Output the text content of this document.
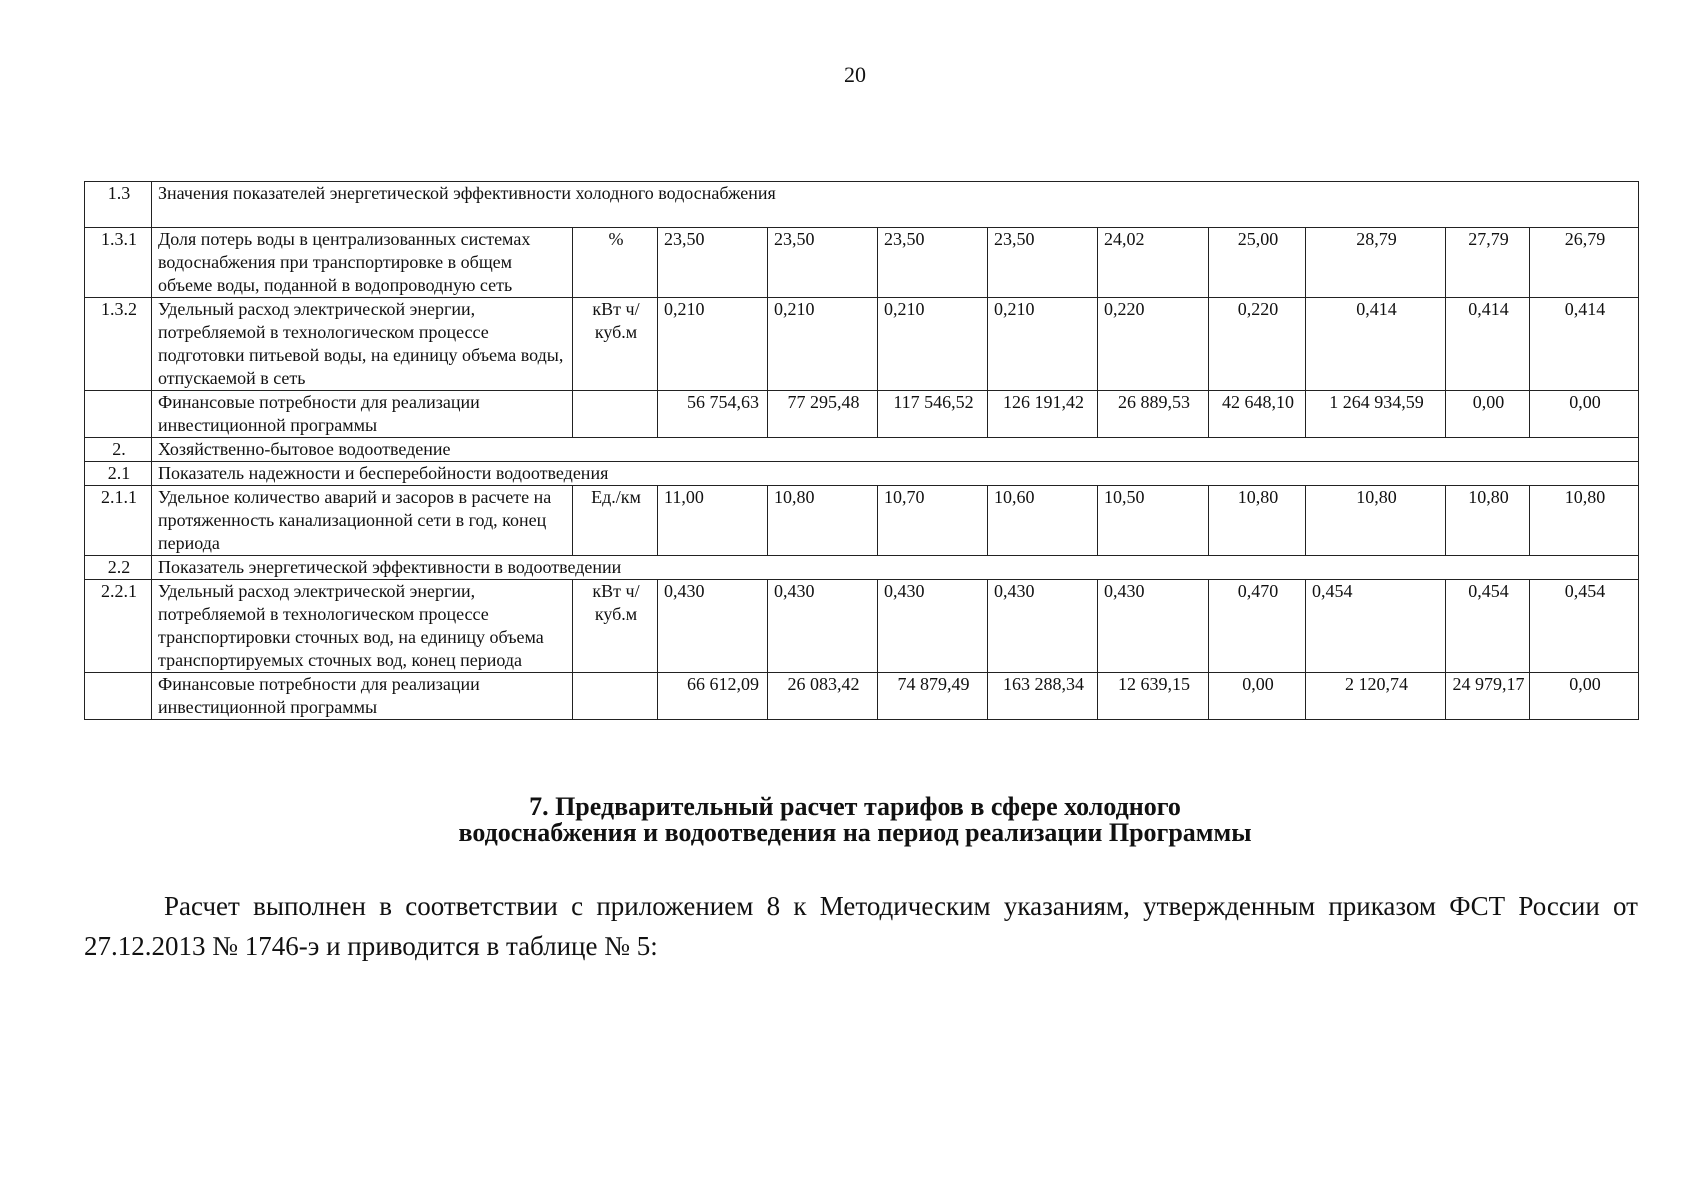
20
1.3	Значения показателей энергетической эффективности холодного водоснабжения										
1.3.1	Доля потерь воды в централизованных системах водоснабжения при транспортировке в общем объеме воды, поданной в водопроводную сеть	%	23,50	23,50	23,50	23,50	24,02	25,00	28,79	27,79	26,79
1.3.2	Удельный расход электрической энергии, потребляемой в технологическом процессе подготовки питьевой воды, на единицу объема воды, отпускаемой в сеть	кВт ч/куб.м	0,210	0,210	0,210	0,210	0,220	0,220	0,414	0,414	0,414
	Финансовые потребности для реализации инвестиционной программы		56 754,63	77 295,48	117 546,52	126 191,42	26 889,53	42 648,10	1 264 934,59	0,00	0,00
2.	Хозяйственно-бытовое водоотведение										
2.1	Показатель надежности и бесперебойности водоотведения										
2.1.1	Удельное количество аварий и засоров в расчете на протяженность канализационной сети в год, конец периода	Ед./км	11,00	10,80	10,70	10,60	10,50	10,80	10,80	10,80	10,80
2.2	Показатель энергетической эффективности в водоотведении										
2.2.1	Удельный расход электрической энергии, потребляемой в технологическом процессе транспортировки сточных вод, на единицу объема транспортируемых сточных вод, конец периода	кВт ч/куб.м	0,430	0,430	0,430	0,430	0,430	0,470	0,454	0,454	0,454
	Финансовые потребности для реализации инвестиционной программы		66 612,09	26 083,42	74 879,49	163 288,34	12 639,15	0,00	2 120,74	24 979,17	0,00
7. Предварительный расчет тарифов в сфере холодного
водоснабжения и водоотведения на период реализации Программы

Расчет выполнен в соответствии с приложением 8 к Методическим указаниям, утвержденным приказом ФСТ России от 27.12.2013 № 1746-э и приводится в таблице № 5:
